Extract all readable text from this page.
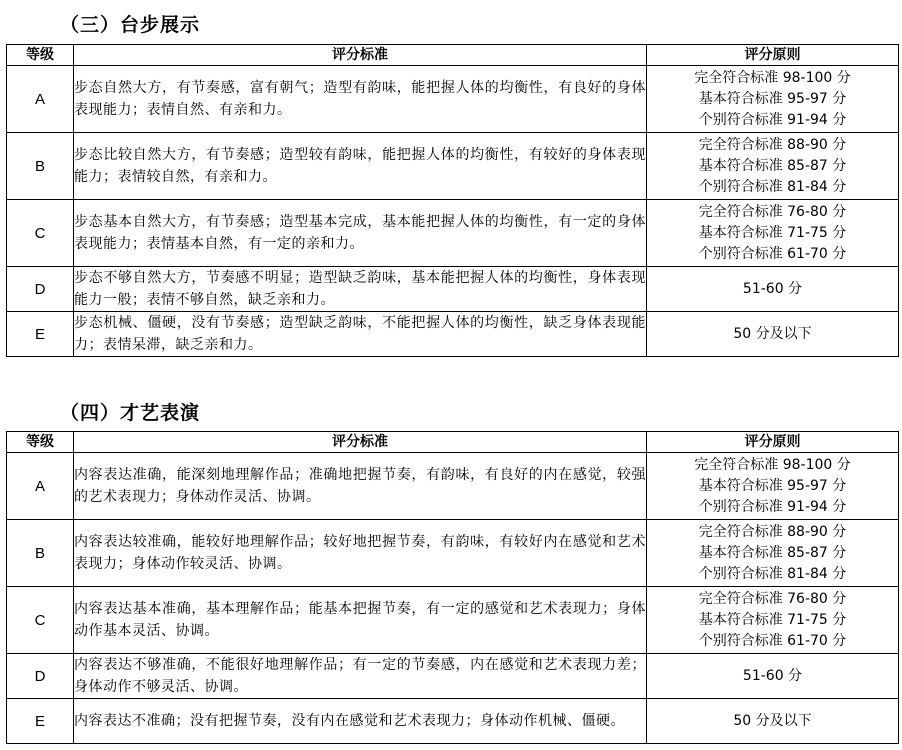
（三）台步展示
等级	评分标准	评分原则
A	步态自然大方，有节奏感，富有朝气；造型有韵味，能把握人体的均衡性，有良好的身体表现能力；表情自然、有亲和力。	完全符合标准 98-100 分
基本符合标准 95-97 分
个别符合标准 91-94 分

B	步态比较自然大方，有节奏感；造型较有韵味，能把握人体的均衡性，有较好的身体表现能力；表情较自然，有亲和力。	完全符合标准 88-90 分
基本符合标准 85-87 分
个别符合标准 81-84 分

C	步态基本自然大方，有节奏感；造型基本完成，基本能把握人体的均衡性，有一定的身体表现能力；表情基本自然，有一定的亲和力。	完全符合标准 76-80 分
基本符合标准 71-75 分
个别符合标准 61-70 分

D	步态不够自然大方，节奏感不明显；造型缺乏韵味，基本能把握人体的均衡性，身体表现能力一般；表情不够自然，缺乏亲和力。	51-60 分

E	步态机械、僵硬，没有节奏感；造型缺乏韵味，不能把握人体的均衡性，缺乏身体表现能力；表情呆滞，缺乏亲和力。	50 分及以下
（四）才艺表演
等级	评分标准	评分原则
A	内容表达准确，能深刻地理解作品；准确地把握节奏，有韵味，有良好的内在感觉，较强的艺术表现力；身体动作灵活、协调。	完全符合标准 98-100 分
基本符合标准 95-97 分
个别符合标准 91-94 分

B	内容表达较准确，能较好地理解作品；较好地把握节奏，有韵味，有较好内在感觉和艺术表现力；身体动作较灵活、协调。	完全符合标准 88-90 分
基本符合标准 85-87 分
个别符合标准 81-84 分

C	内容表达基本准确，基本理解作品；能基本把握节奏，有一定的感觉和艺术表现力；身体动作基本灵活、协调。	完全符合标准 76-80 分
基本符合标准 71-75 分
个别符合标准 61-70 分

D	内容表达不够准确，不能很好地理解作品；有一定的节奏感，内在感觉和艺术表现力差；身体动作不够灵活、协调。	51-60 分

E	内容表达不准确；没有把握节奏，没有内在感觉和艺术表现力；身体动作机械、僵硬。	50 分及以下
